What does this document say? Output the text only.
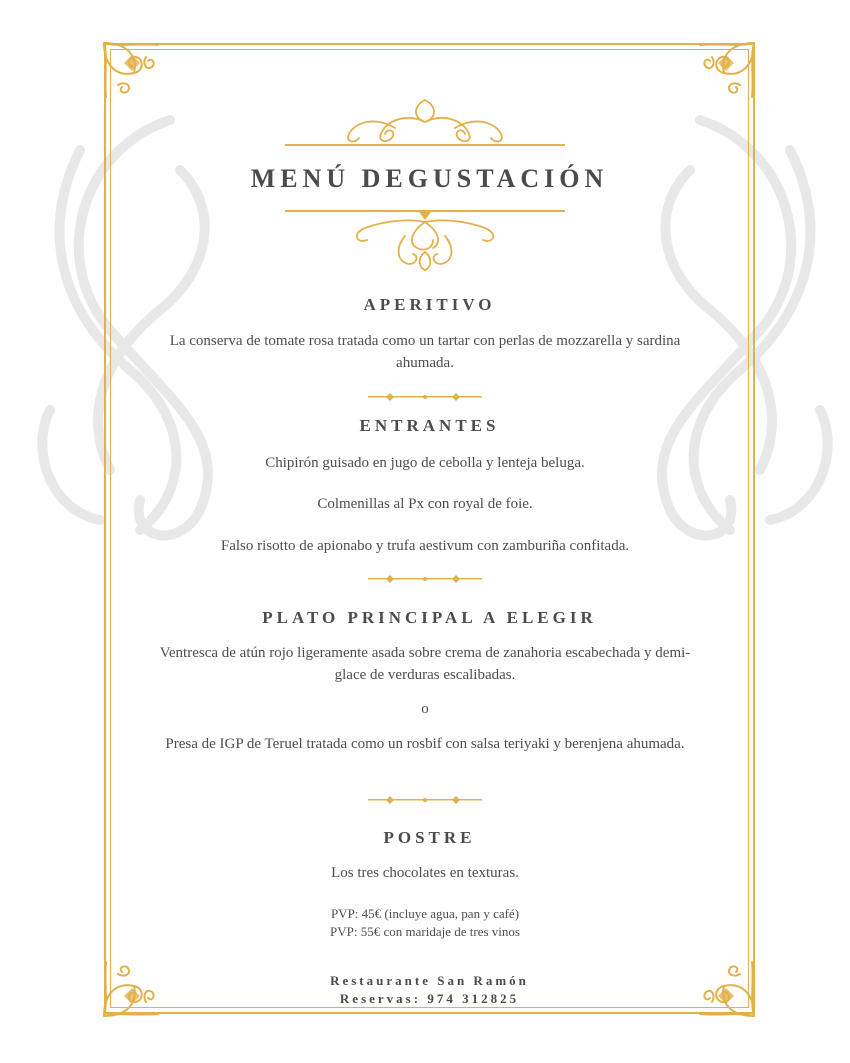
MENÚ DEGUSTACIÓN
APERITIVO

La conserva de tomate rosa tratada como un tartar con perlas de mozzarella y sardina ahumada.

ENTRANTES

Chipirón guisado en jugo de cebolla y lenteja beluga.

Colmenillas al Px con royal de foie.

Falso risotto de apionabo y trufa aestivum con zamburiña confitada.

PLATO PRINCIPAL A ELEGIR

Ventresca de atún rojo ligeramente asada sobre crema de zanahoria escabechada y demi-glace de verduras escalibadas.

o

Presa de IGP de Teruel tratada como un rosbif con salsa teriyaki y berenjena ahumada.

POSTRE

Los tres chocolates en texturas.

PVP: 45€ (incluye agua, pan y café)

PVP: 55€ con maridaje de tres vinos

Restaurante San Ramón

Reservas: 974 312825
